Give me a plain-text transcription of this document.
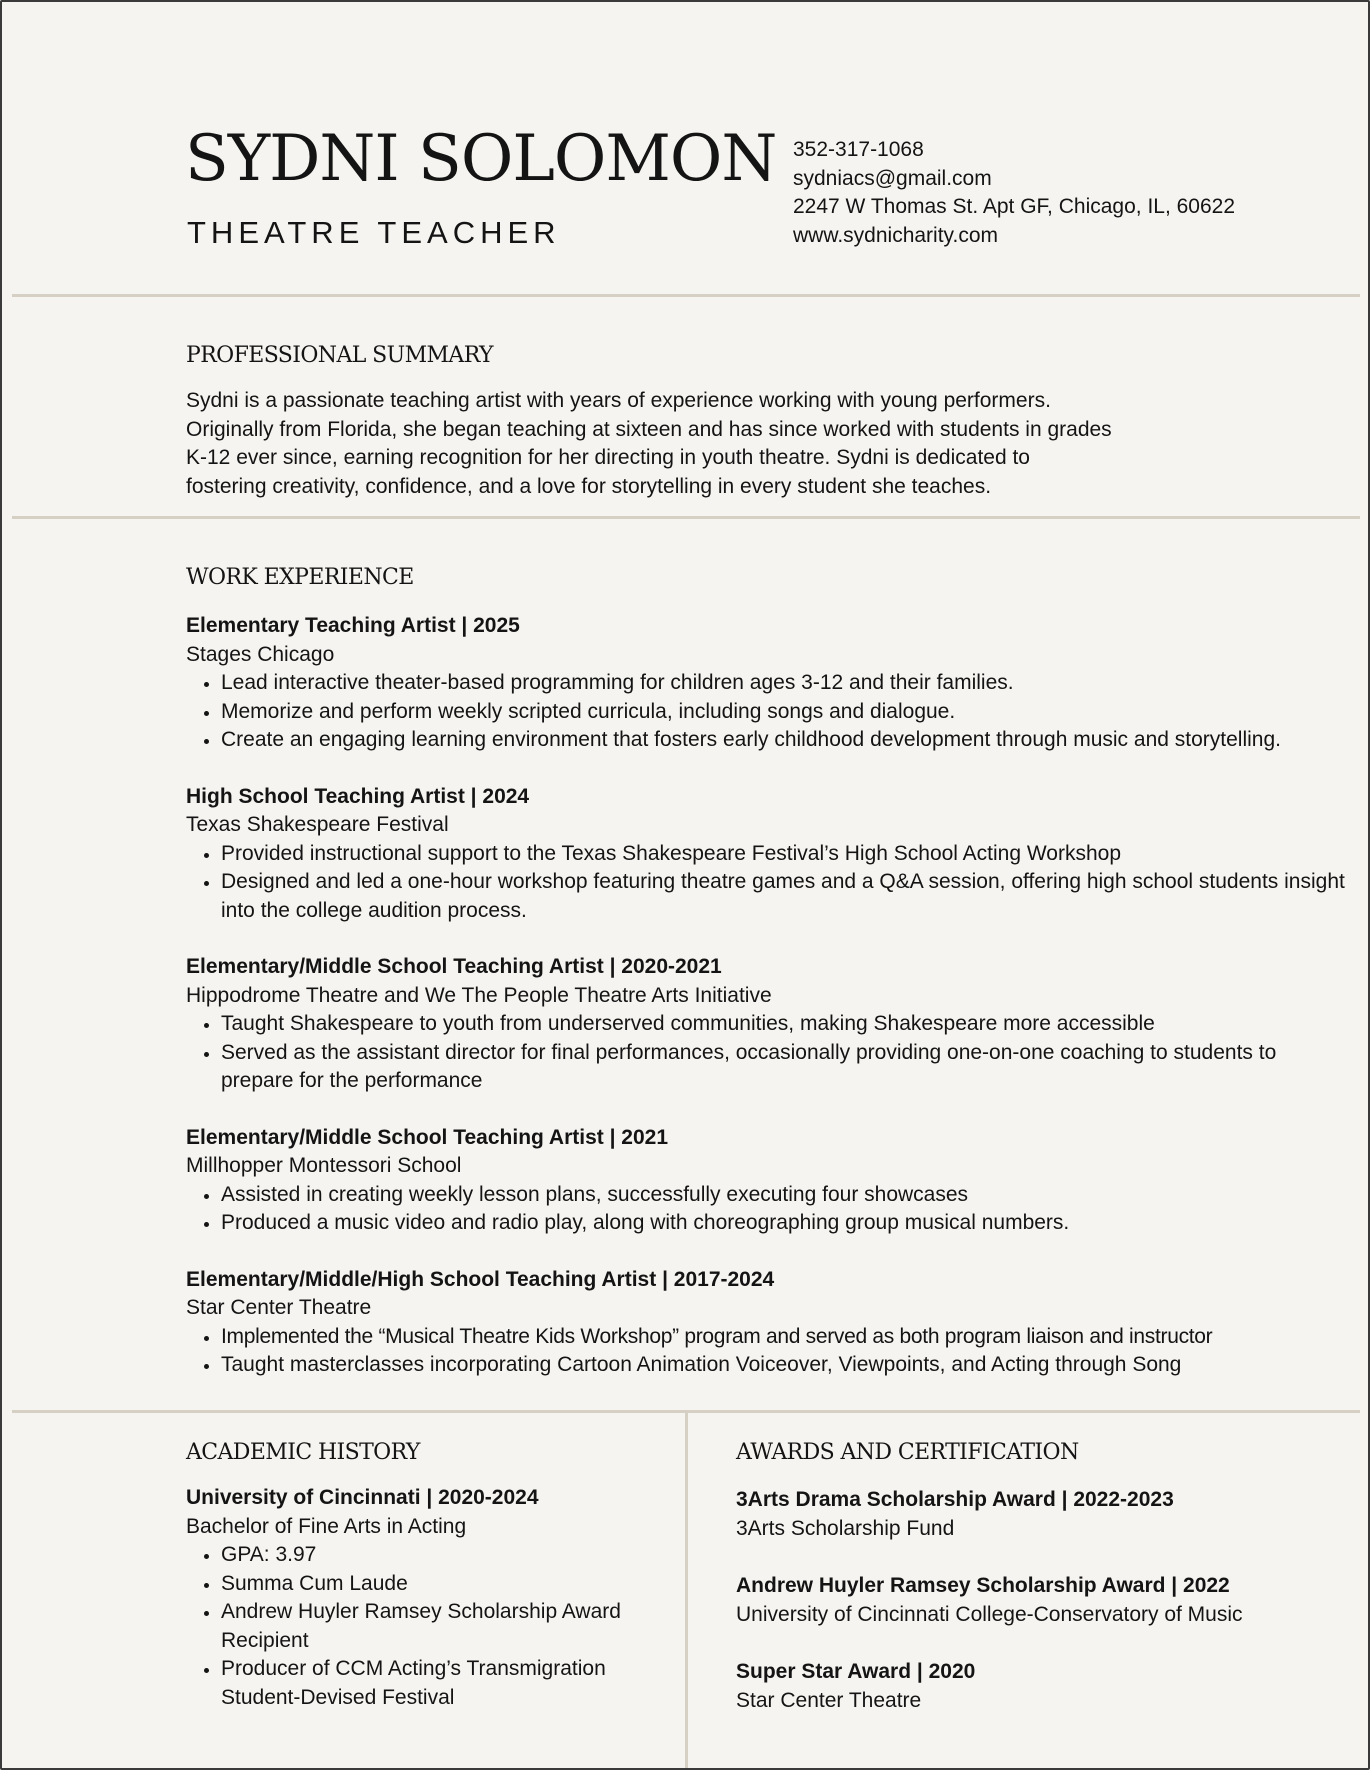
SYDNI SOLOMON
THEATRE TEACHER
352-317-1068
sydniacs@gmail.com
2247 W Thomas St. Apt GF, Chicago, IL, 60622
www.sydnicharity.com
PROFESSIONAL SUMMARY
Sydni is a passionate teaching artist with years of experience working with young performers.
Originally from Florida, she began teaching at sixteen and has since worked with students in grades
K-12 ever since, earning recognition for her directing in youth theatre. Sydni is dedicated to
fostering creativity, confidence, and a love for storytelling in every student she teaches.
WORK EXPERIENCE
Elementary Teaching Artist | 2025
Stages Chicago
• Lead interactive theater-based programming for children ages 3-12 and their families.
• Memorize and perform weekly scripted curricula, including songs and dialogue.
• Create an engaging learning environment that fosters early childhood development through music and storytelling.
High School Teaching Artist | 2024
Texas Shakespeare Festival
• Provided instructional support to the Texas Shakespeare Festival’s High School Acting Workshop
• Designed and led a one-hour workshop featuring theatre games and a Q&A session, offering high school students insight into the college audition process.
Elementary/Middle School Teaching Artist | 2020-2021
Hippodrome Theatre and We The People Theatre Arts Initiative
• Taught Shakespeare to youth from underserved communities, making Shakespeare more accessible
• Served as the assistant director for final performances, occasionally providing one-on-one coaching to students to prepare for the performance
Elementary/Middle School Teaching Artist | 2021
Millhopper Montessori School
• Assisted in creating weekly lesson plans, successfully executing four showcases
• Produced a music video and radio play, along with choreographing group musical numbers.
Elementary/Middle/High School Teaching Artist | 2017-2024
Star Center Theatre
• Implemented the “Musical Theatre Kids Workshop” program and served as both program liaison and instructor
• Taught masterclasses incorporating Cartoon Animation Voiceover, Viewpoints, and Acting through Song
ACADEMIC HISTORY
University of Cincinnati | 2020-2024
Bachelor of Fine Arts in Acting
• GPA: 3.97
• Summa Cum Laude
• Andrew Huyler Ramsey Scholarship Award Recipient
• Producer of CCM Acting’s Transmigration Student-Devised Festival
AWARDS AND CERTIFICATION
3Arts Drama Scholarship Award | 2022-2023
3Arts Scholarship Fund
Andrew Huyler Ramsey Scholarship Award | 2022
University of Cincinnati College-Conservatory of Music
Super Star Award | 2020
Star Center Theatre
